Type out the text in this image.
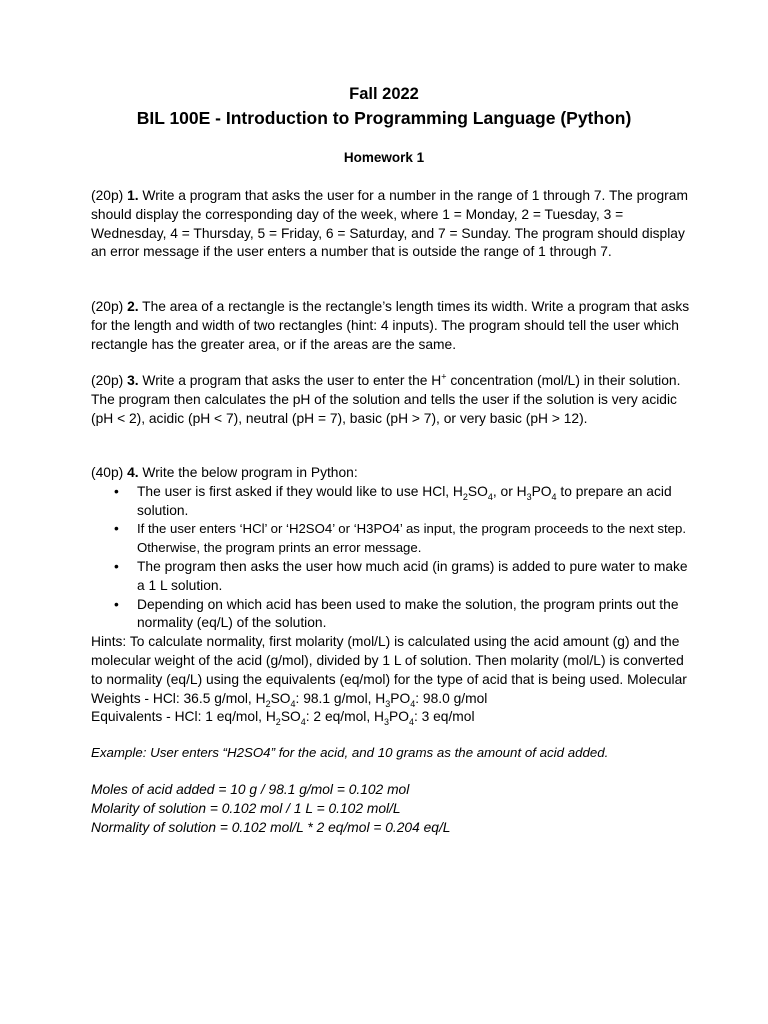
Fall 2022
BIL 100E - Introduction to Programming Language (Python)
Homework 1

(20p) 1. Write a program that asks the user for a number in the range of 1 through 7. The program should display the corresponding day of the week, where 1 = Monday, 2 = Tuesday, 3 = Wednesday, 4 = Thursday, 5 = Friday, 6 = Saturday, and 7 = Sunday. The program should display an error message if the user enters a number that is outside the range of 1 through 7.

(20p) 2. The area of a rectangle is the rectangle’s length times its width. Write a program that asks for the length and width of two rectangles (hint: 4 inputs). The program should tell the user which rectangle has the greater area, or if the areas are the same.

(20p) 3. Write a program that asks the user to enter the H+ concentration (mol/L) in their solution. The program then calculates the pH of the solution and tells the user if the solution is very acidic (pH < 2), acidic (pH < 7), neutral (pH = 7), basic (pH > 7), or very basic (pH > 12).

(40p) 4. Write the below program in Python:

• The user is first asked if they would like to use HCl, $H_2SO_4$, or $H_3PO_4$ to prepare an acid solution.
• If the user enters ‘HCl’ or ‘H2SO4’ or ‘H3PO4’ as input, the program proceeds to the next step. Otherwise, the program prints an error message.
• The program then asks the user how much acid (in grams) is added to pure water to make a 1 L solution.
• Depending on which acid has been used to make the solution, the program prints out the normality (eq/L) of the solution.

Hints: To calculate normality, first molarity (mol/L) is calculated using the acid amount (g) and the molecular weight of the acid (g/mol), divided by 1 L of solution. Then molarity (mol/L) is converted to normality (eq/L) using the equivalents (eq/mol) for the type of acid that is being used. Molecular Weights - HCl: 36.5 g/mol, $H_2SO_4$: 98.1 g/mol, $H_3PO_4$: 98.0 g/mol

Equivalents - HCl: 1 eq/mol, $H_2SO_4$: 2 eq/mol, $H_3PO_4$: 3 eq/mol

Example: User enters “H2SO4” for the acid, and 10 grams as the amount of acid added.

Moles of acid added = 10 g / 98.1 g/mol = 0.102 mol

Molarity of solution = 0.102 mol / 1 L = 0.102 mol/L

Normality of solution = 0.102 mol/L * 2 eq/mol = 0.204 eq/L
